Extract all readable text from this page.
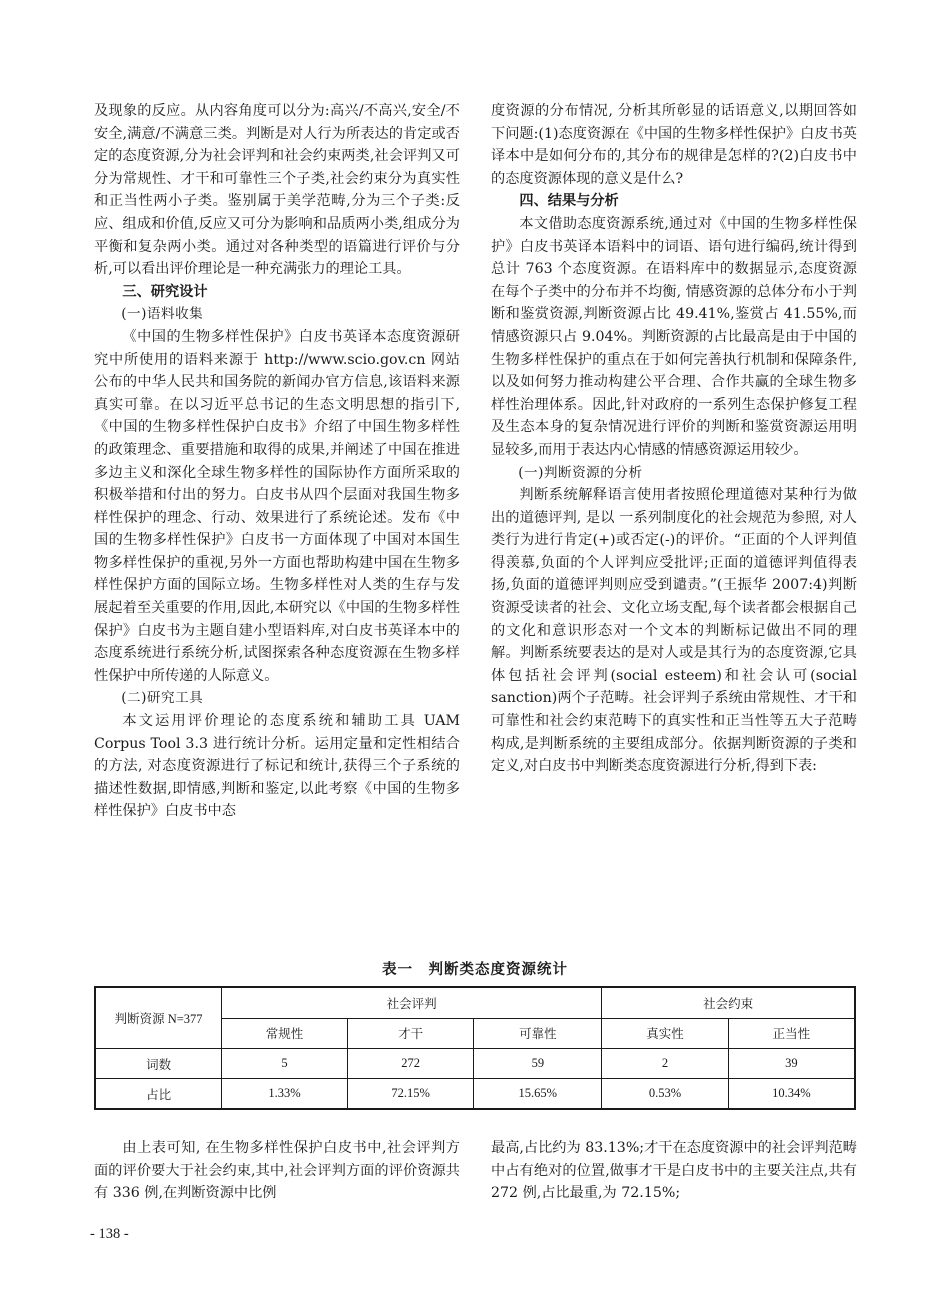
及现象的反应。从内容角度可以分为:高兴/不高兴,安全/不安全,满意/不满意三类。判断是对人行为所表达的肯定或否定的态度资源,分为社会评判和社会约束两类,社会评判又可分为常规性、才干和可靠性三个子类,社会约束分为真实性和正当性两小子类。鉴别属于美学范畴,分为三个子类:反应、组成和价值,反应又可分为影响和品质两小类,组成分为平衡和复杂两小类。通过对各种类型的语篇进行评价与分析,可以看出评价理论是一种充满张力的理论工具。

三、研究设计
(一)语料收集

《中国的生物多样性保护》白皮书英译本态度资源研究中所使用的语料来源于 http://www.scio.gov.cn 网站公布的中华人民共和国务院的新闻办官方信息,该语料来源真实可靠。在以习近平总书记的生态文明思想的指引下,《中国的生物多样性保护白皮书》介绍了中国生物多样性的政策理念、重要措施和取得的成果,并阐述了中国在推进多边主义和深化全球生物多样性的国际协作方面所采取的积极举措和付出的努力。白皮书从四个层面对我国生物多样性保护的理念、行动、效果进行了系统论述。发布《中国的生物多样性保护》白皮书一方面体现了中国对本国生物多样性保护的重视,另外一方面也帮助构建中国在生物多样性保护方面的国际立场。生物多样性对人类的生存与发展起着至关重要的作用,因此,本研究以《中国的生物多样性保护》白皮书为主题自建小型语料库,对白皮书英译本中的态度系统进行系统分析,试图探索各种态度资源在生物多样性保护中所传递的人际意义。

(二)研究工具

本文运用评价理论的态度系统和辅助工具 UAM Corpus Tool 3.3 进行统计分析。运用定量和定性相结合的方法, 对态度资源进行了标记和统计,获得三个子系统的描述性数据,即情感,判断和鉴定,以此考察《中国的生物多样性保护》白皮书中态

度资源的分布情况, 分析其所彰显的话语意义,以期回答如下问题:(1)态度资源在《中国的生物多样性保护》白皮书英译本中是如何分布的,其分布的规律是怎样的?(2)白皮书中的态度资源体现的意义是什么?

四、结果与分析

本文借助态度资源系统,通过对《中国的生物多样性保护》白皮书英译本语料中的词语、语句进行编码,统计得到总计 763 个态度资源。在语料库中的数据显示,态度资源在每个子类中的分布并不均衡, 情感资源的总体分布小于判断和鉴赏资源,判断资源占比 49.41%,鉴赏占 41.55%,而情感资源只占 9.04%。判断资源的占比最高是由于中国的生物多样性保护的重点在于如何完善执行机制和保障条件,以及如何努力推动构建公平合理、合作共赢的全球生物多样性治理体系。因此,针对政府的一系列生态保护修复工程及生态本身的复杂情况进行评价的判断和鉴赏资源运用明显较多,而用于表达内心情感的情感资源运用较少。

(一)判断资源的分析

判断系统解释语言使用者按照伦理道德对某种行为做出的道德评判, 是以 一系列制度化的社会规范为参照, 对人类行为进行肯定(+)或否定(-)的评价。“正面的个人评判值得羡慕,负面的个人评判应受批评;正面的道德评判值得表扬,负面的道德评判则应受到谴责。”(王振华 2007:4)判断资源受读者的社会、文化立场支配,每个读者都会根据自己的文化和意识形态对一个文本的判断标记做出不同的理解。判断系统要表达的是对人或是其行为的态度资源,它具体包括社会评判(social esteem)和社会认可(social sanction)两个子范畴。社会评判子系统由常规性、才干和可靠性和社会约束范畴下的真实性和正当性等五大子范畴构成,是判断系统的主要组成部分。依据判断资源的子类和定义,对白皮书中判断类态度资源进行分析,得到下表:

表一　判断类态度资源统计
判断资源 N=377	社会评判			社会约束	
	常规性	才干	可靠性	真实性	正当性
词数	5	272	59	2	39
占比	1.33%	72.15%	15.65%	0.53%	10.34%

由上表可知, 在生物多样性保护白皮书中,社会评判方面的评价要大于社会约束,其中,社会评判方面的评价资源共有 336 例,在判断资源中比例

最高,占比约为 83.13%;才干在态度资源中的社会评判范畴中占有绝对的位置,做事才干是白皮书中的主要关注点,共有 272 例,占比最重,为 72.15%;

- 138 -
